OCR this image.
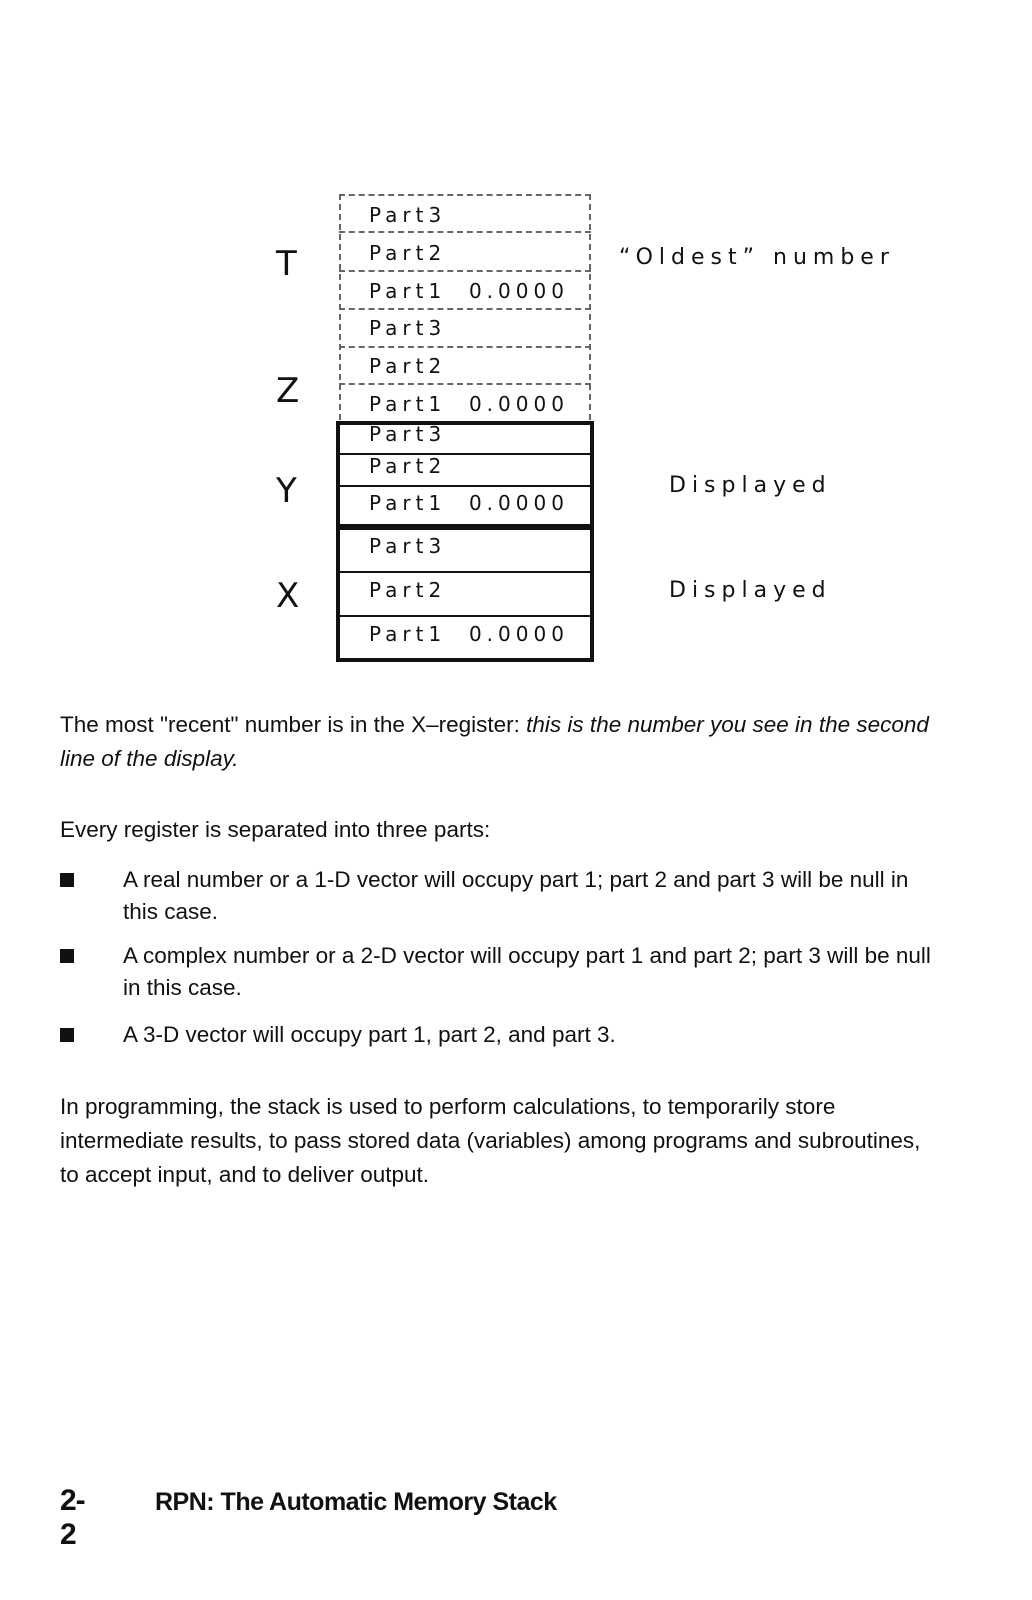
T
Z
Y
X
Part3
Part2
Part1 0.0000
Part3
Part2
Part1 0.0000
Part3
Part2
Part1 0.0000
Part3
Part2
Part1 0.0000
“Oldest” number
Displayed
Displayed
The most "recent" number is in the X–register: this is the number you see in the second line of the display.
Every register is separated into three parts:
A real number or a 1-D vector will occupy part 1; part 2 and part 3 will be null in this case.
A complex number or a 2-D vector will occupy part 1 and part 2; part 3 will be null in this case.
A 3-D vector will occupy part 1, part 2, and part 3.
In programming, the stack is used to perform calculations, to temporarily store intermediate results, to pass stored data (variables) among programs and subroutines, to accept input, and to deliver output.
2-2
RPN: The Automatic Memory Stack
